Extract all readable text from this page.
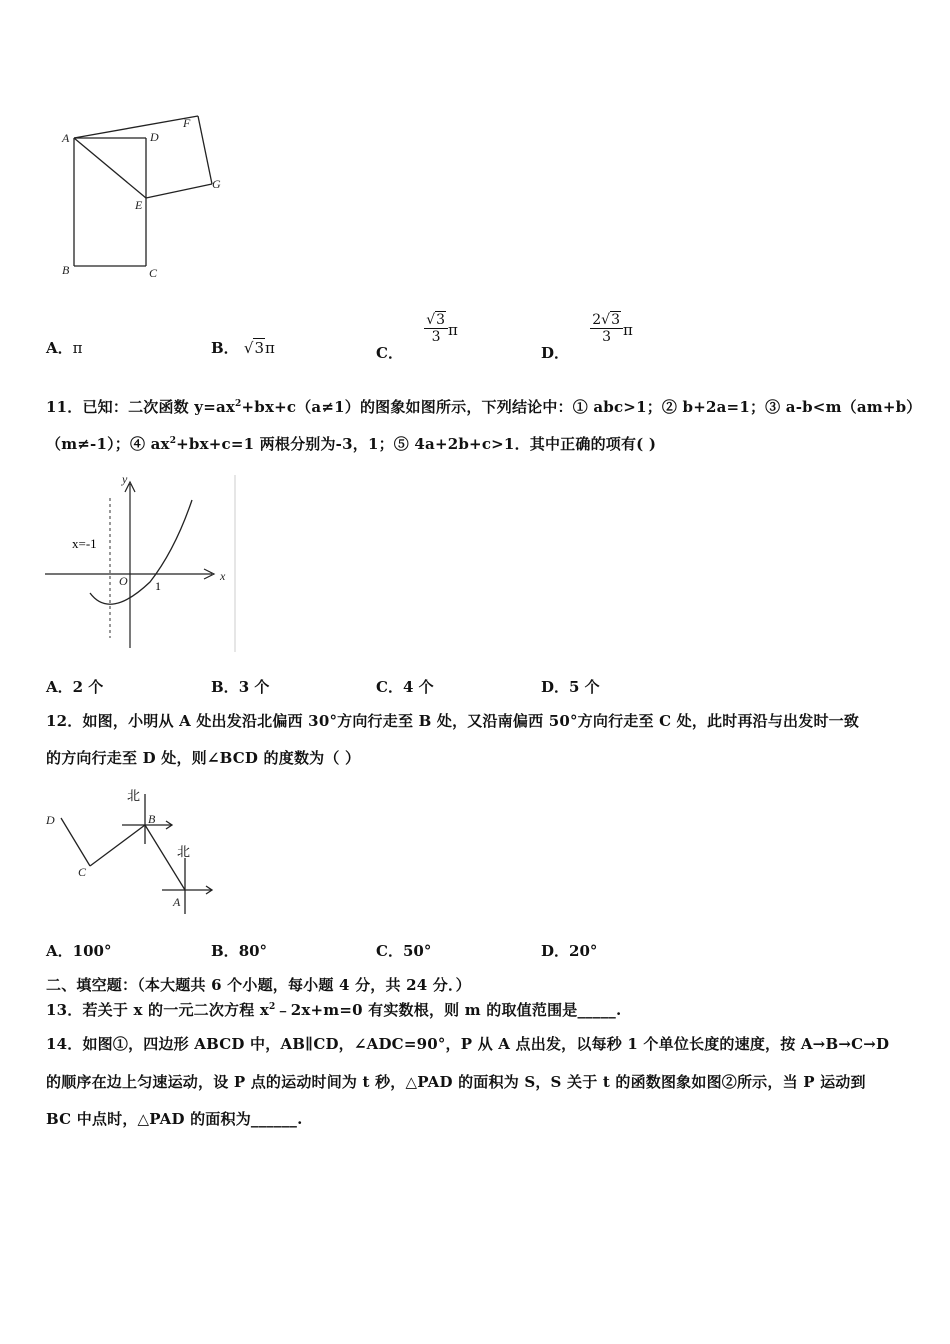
A	D
F
G
E
B	C
A．π	B． √3π	C．
$\frac{√3}{3}$ π
D．
$\frac{2√3}{3}$ π
11．已知：二次函数 $y=ax^2+bx+c(a\ne 1)$的图象如图所示，下列结论中：① abc>1；② b+2a=1；③ a-b<m（am+b）
（m≠-1）；④ $ax^2+bx+c=1$ 两根分别为-3，1；⑤ 4a+2b+c>1．其中正确的项有( )
y
x
O 1
x=-1
A．2 个	B．3 个	C．4 个	D．5 个
12．如图，小明从 A 处出发沿北偏西 30°方向行走至 B 处，又沿南偏西 50°方向行走至 C 处，此时再沿与出发时一致
的方向行走至 D 处，则∠BCD 的度数为（ ）
北
北
B
C
D
A
A．100°	B．80°	C．50°	D．20°
二、填空题：（本大题共 6 个小题，每小题 4 分，共 24 分．）
13．若关于 x 的一元二次方程 $x^2﹣2x+m=0$ 有实数根，则 m 的取值范围是_____.
14．如图①，四边形 ABCD 中，AB∥CD，∠ADC=90°，P 从 A 点出发，以每秒 1 个单位长度的速度，按 A→B→C→D
的顺序在边上匀速运动，设 P 点的运动时间为 t 秒，△PAD 的面积为 S，S 关于 t 的函数图象如图②所示，当 P 运动到
BC 中点时，△PAD 的面积为______.
